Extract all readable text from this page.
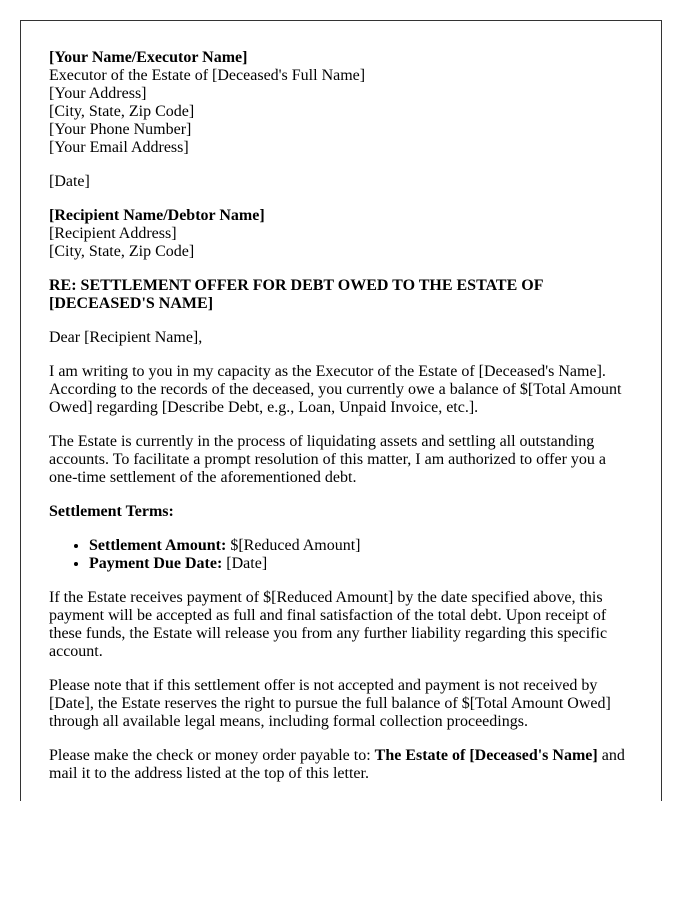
[Your Name/Executor Name]
Executor of the Estate of [Deceased's Full Name]
[Your Address]
[City, State, Zip Code]
[Your Phone Number]
[Your Email Address]

[Date]

[Recipient Name/Debtor Name]
[Recipient Address]
[City, State, Zip Code]
RE: SETTLEMENT OFFER FOR DEBT OWED TO THE ESTATE OF [DECEASED'S NAME]

Dear [Recipient Name],

I am writing to you in my capacity as the Executor of the Estate of [Deceased's Name]. According to the records of the deceased, you currently owe a balance of $[Total Amount Owed] regarding [Describe Debt, e.g., Loan, Unpaid Invoice, etc.].

The Estate is currently in the process of liquidating assets and settling all outstanding accounts. To facilitate a prompt resolution of this matter, I am authorized to offer you a one-time settlement of the aforementioned debt.

Settlement Terms:

• Settlement Amount: $[Reduced Amount]
• Payment Due Date: [Date]

If the Estate receives payment of $[Reduced Amount] by the date specified above, this payment will be accepted as full and final satisfaction of the total debt. Upon receipt of these funds, the Estate will release you from any further liability regarding this specific account.

Please note that if this settlement offer is not accepted and payment is not received by [Date], the Estate reserves the right to pursue the full balance of $[Total Amount Owed] through all available legal means, including formal collection proceedings.

Please make the check or money order payable to: The Estate of [Deceased's Name] and mail it to the address listed at the top of this letter.
